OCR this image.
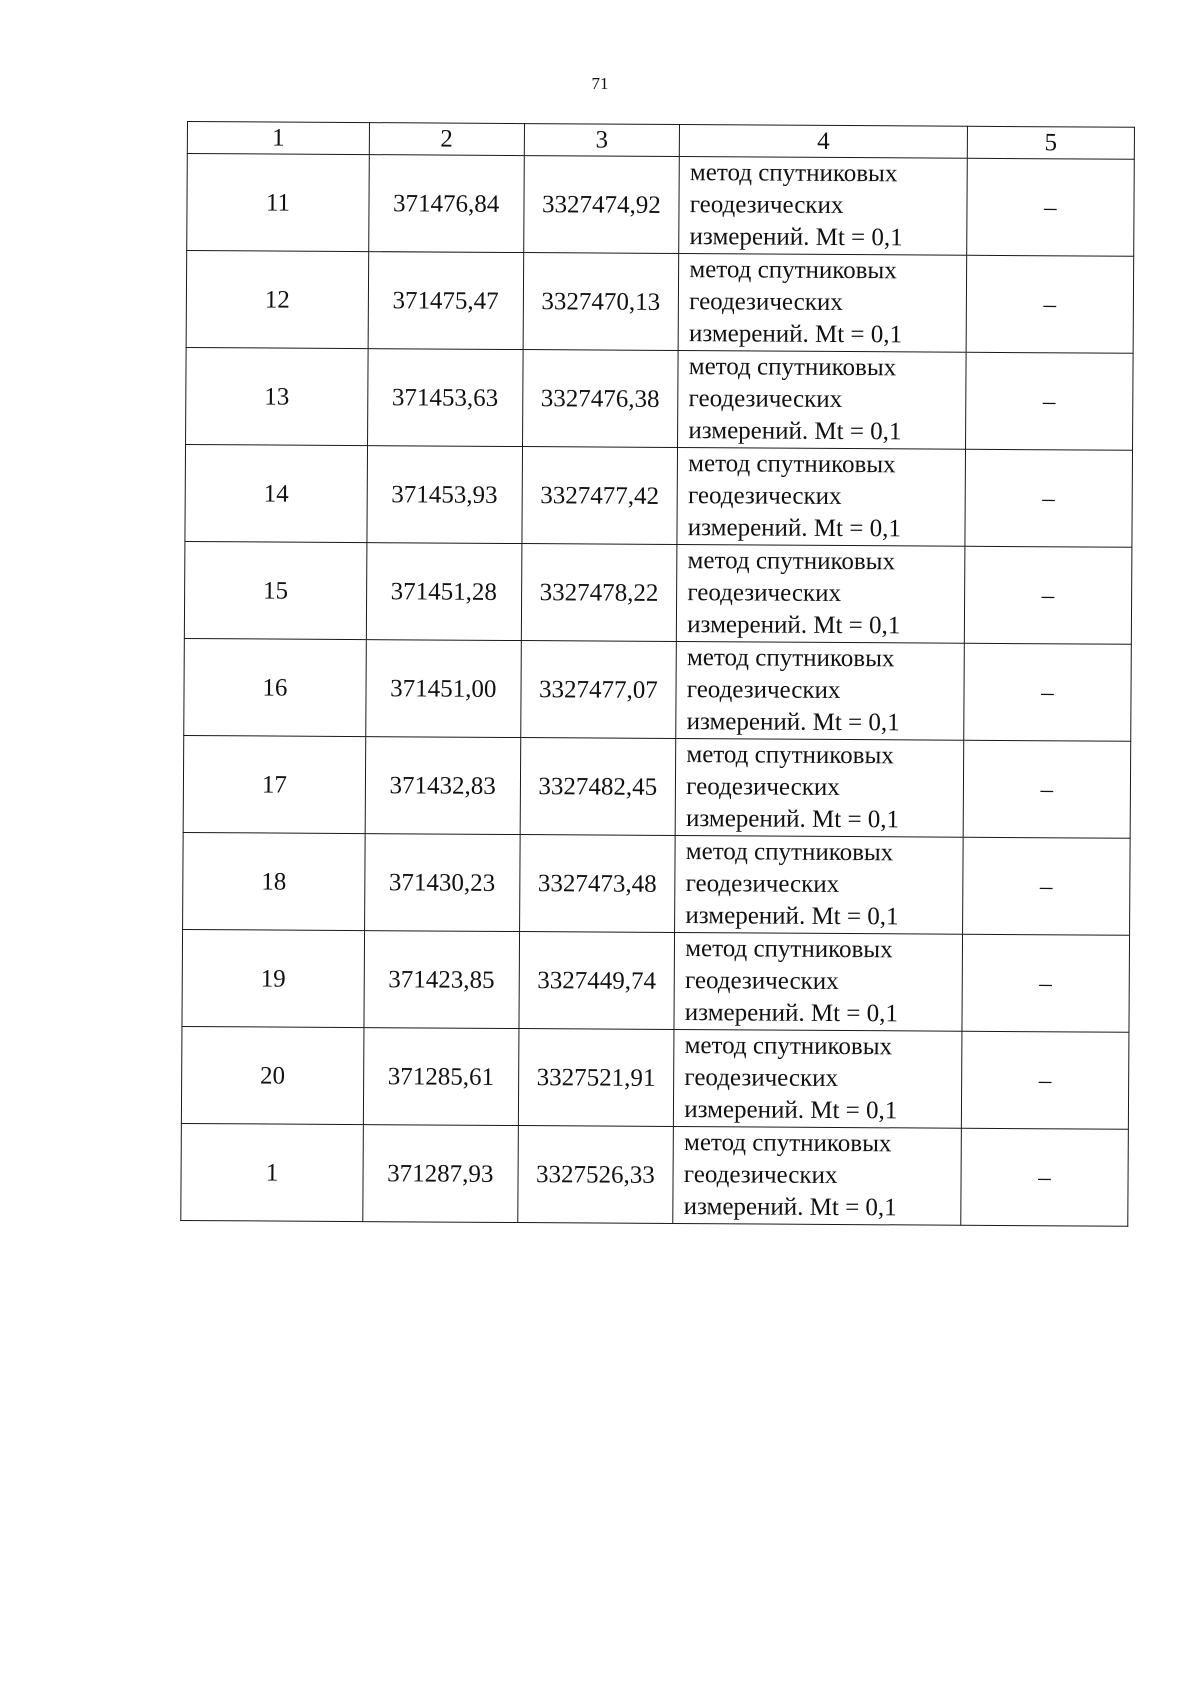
71
1	2	3	4	5
11	371476,84	3327474,92	метод спутниковых
геодезических
измерений. Mt = 0,1	–
12	371475,47	3327470,13	метод спутниковых
геодезических
измерений. Mt = 0,1	–
13	371453,63	3327476,38	метод спутниковых
геодезических
измерений. Mt = 0,1	–
14	371453,93	3327477,42	метод спутниковых
геодезических
измерений. Mt = 0,1	–
15	371451,28	3327478,22	метод спутниковых
геодезических
измерений. Mt = 0,1	–
16	371451,00	3327477,07	метод спутниковых
геодезических
измерений. Mt = 0,1	–
17	371432,83	3327482,45	метод спутниковых
геодезических
измерений. Mt = 0,1	–
18	371430,23	3327473,48	метод спутниковых
геодезических
измерений. Mt = 0,1	–
19	371423,85	3327449,74	метод спутниковых
геодезических
измерений. Mt = 0,1	–
20	371285,61	3327521,91	метод спутниковых
геодезических
измерений. Mt = 0,1	–
1	371287,93	3327526,33	метод спутниковых
геодезических
измерений. Mt = 0,1	–
